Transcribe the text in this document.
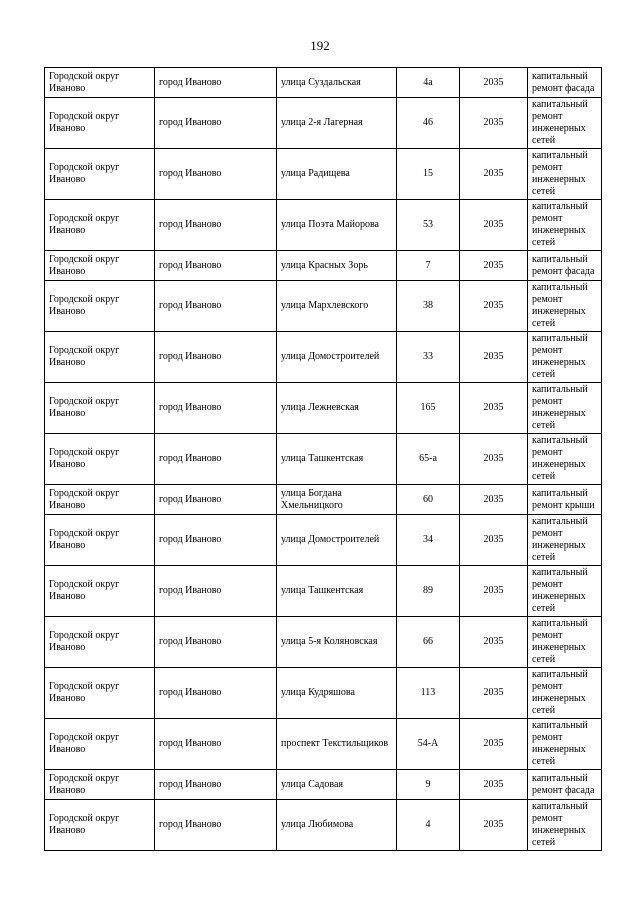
192
Городской округ Иваново	город Иваново	улица Суздальская	4а	2035	капитальный ремонт фасада
Городской округ Иваново	город Иваново	улица 2-я Лагерная	46	2035	капитальный ремонт инженерных сетей
Городской округ Иваново	город Иваново	улица Радищева	15	2035	капитальный ремонт инженерных сетей
Городской округ Иваново	город Иваново	улица Поэта Майорова	53	2035	капитальный ремонт инженерных сетей
Городской округ Иваново	город Иваново	улица Красных Зорь	7	2035	капитальный ремонт фасада
Городской округ Иваново	город Иваново	улица Мархлевского	38	2035	капитальный ремонт инженерных сетей
Городской округ Иваново	город Иваново	улица Домостроителей	33	2035	капитальный ремонт инженерных сетей
Городской округ Иваново	город Иваново	улица Лежневская	165	2035	капитальный ремонт инженерных сетей
Городской округ Иваново	город Иваново	улица Ташкентская	65-а	2035	капитальный ремонт инженерных сетей
Городской округ Иваново	город Иваново	улица Богдана Хмельницкого	60	2035	капитальный ремонт крыши
Городской округ Иваново	город Иваново	улица Домостроителей	34	2035	капитальный ремонт инженерных сетей
Городской округ Иваново	город Иваново	улица Ташкентская	89	2035	капитальный ремонт инженерных сетей
Городской округ Иваново	город Иваново	улица 5-я Коляновская	66	2035	капитальный ремонт инженерных сетей
Городской округ Иваново	город Иваново	улица Кудряшова	113	2035	капитальный ремонт инженерных сетей
Городской округ Иваново	город Иваново	проспект Текстильщиков	54-А	2035	капитальный ремонт инженерных сетей
Городской округ Иваново	город Иваново	улица Садовая	9	2035	капитальный ремонт фасада
Городской округ Иваново	город Иваново	улица Любимова	4	2035	капитальный ремонт инженерных сетей
